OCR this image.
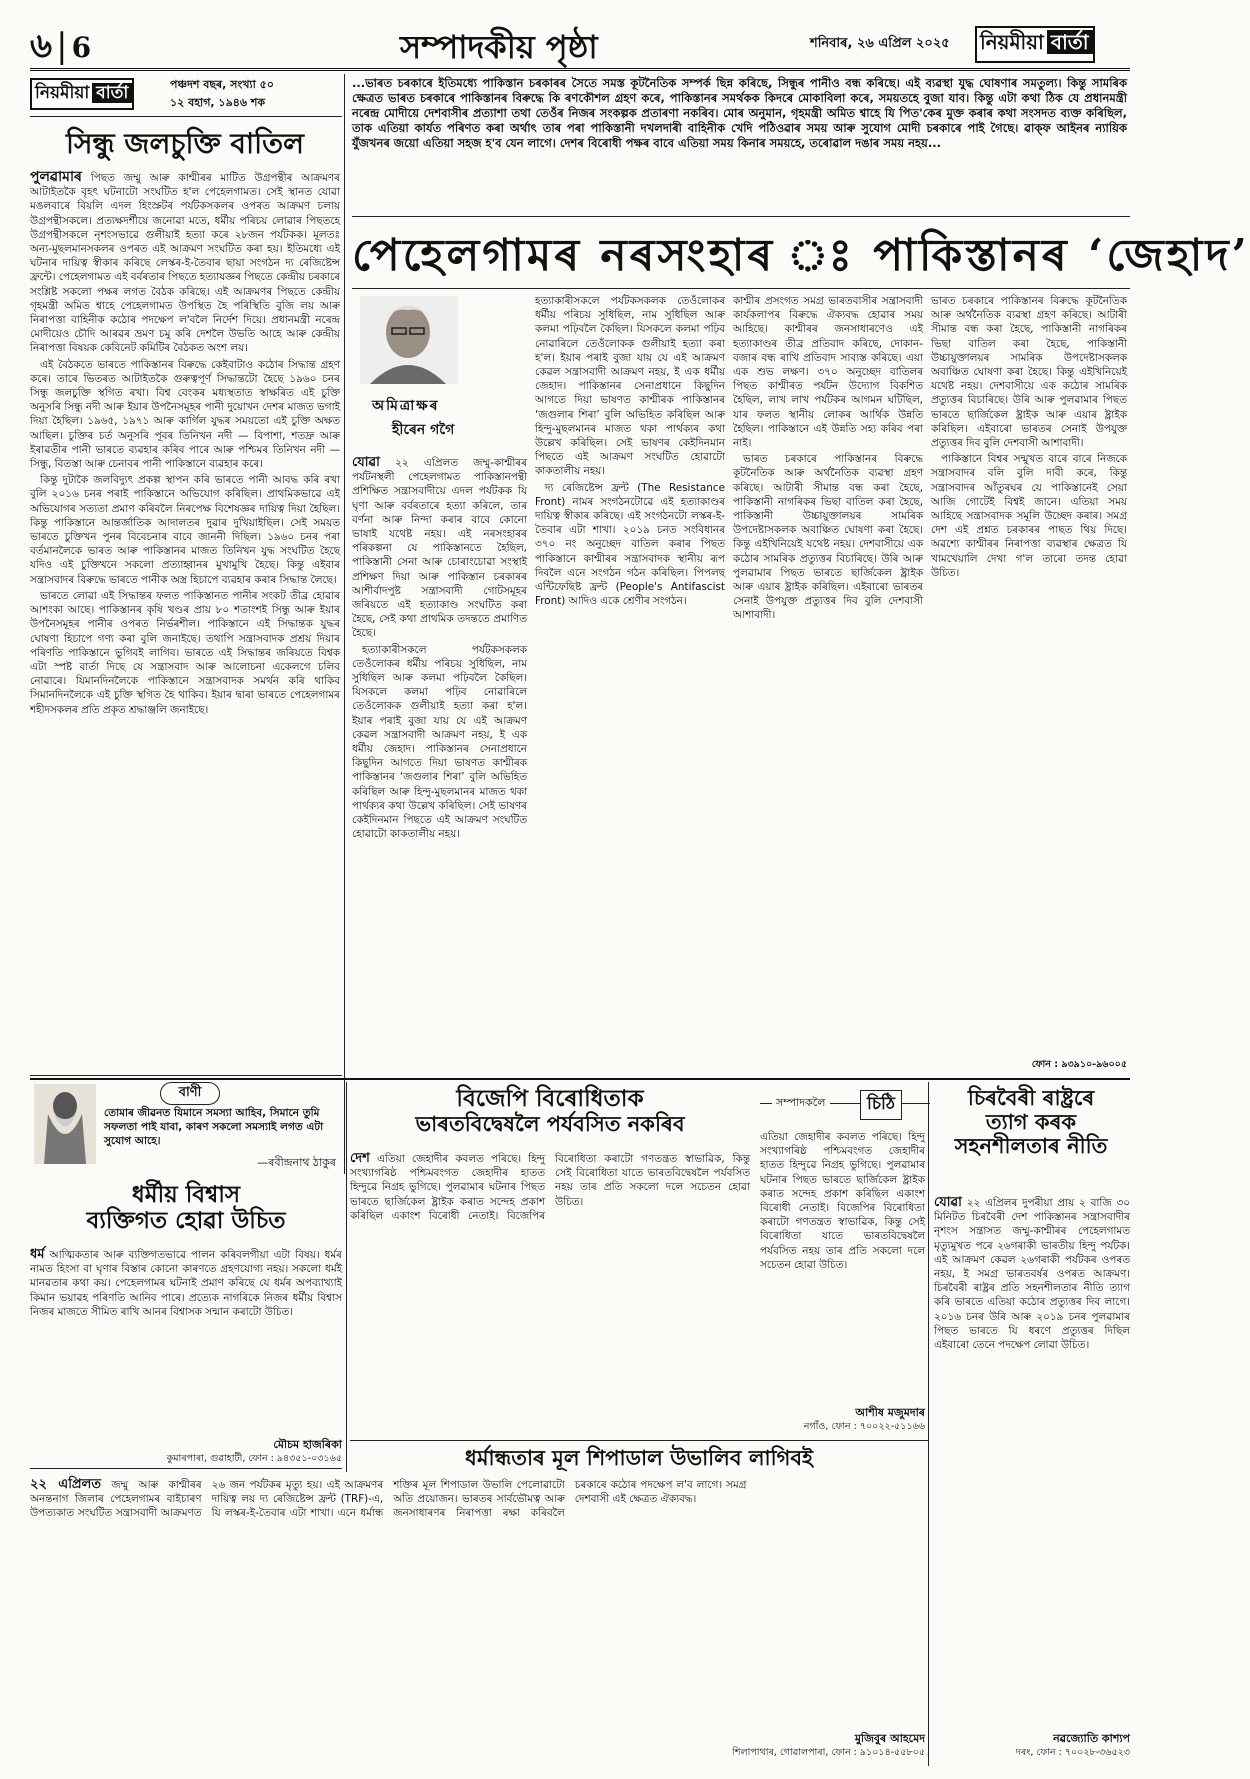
৬ | 6	সম্পাদকীয় পৃষ্ঠা	শনিবাৰ, ২৬ এপ্ৰিল ২০২৫ নিয়মীয়া বাৰ্তা
নিয়মীয়া বাৰ্তা	পঞ্চদশ বছৰ, সংখ্যা ৫০
১২ বহাগ, ১৯৪৬ শক
সিন্ধু জলচুক্তি বাতিল

পুলৱামাৰ পিছত জম্মু আৰু কাশ্মীৰৰ মাটিত উগ্ৰপন্থীৰ আক্ৰমণৰ আটাইতকৈ বৃহৎ ঘটনাটো সংঘটিত হ'ল পেহেলগামত। সেই স্থানত যোৱা মঙলবাৰে বিয়লি এদল হিংস্ৰুটৰ পৰ্যটকসকলৰ ওপৰত আক্ৰমণ চলায় উগ্ৰপন্থীসকলে। প্ৰত্যক্ষদৰ্শীয়ে জনোৱা মতে, ধৰ্মীয় পৰিচয় লোৱাৰ পিছতহে উগ্ৰপন্থীসকলে নৃশংসভাৱে গুলীয়াই হত্যা কৰে ২৮জন পৰ্যটকক। মূলতঃ অন্য-মুছলমানসকলৰ ওপৰত এই আক্ৰমণ সংঘটিত কৰা হয়। ইতিমধ্যে এই ঘটনাৰ দায়িত্ব স্বীকাৰ কৰিছে লেস্কৰ-ই-তৈবাৰ ছায়া সংগঠন দ্য ৰেজিষ্টেন্স ফ্ৰন্টে। পেহেলগামত এই বৰ্বৰতাৰ পিছতে হত্যাযজ্ঞৰ পিছতে কেন্দ্ৰীয় চৰকাৰে সংশ্লিষ্ট সকলো পক্ষৰ লগত বৈঠক কৰিছে। এই আক্ৰমণৰ পিছতে কেন্দ্ৰীয় গৃহমন্ত্ৰী অমিত শ্বাহে পেহেলগামত উপস্থিত হৈ পৰিস্থিতি বুজি লয় আৰু নিৰাপত্তা বাহিনীক কঠোৰ পদক্ষেপ ল'বলৈ নিৰ্দেশ দিয়ে। প্ৰধানমন্ত্ৰী নৰেন্দ্ৰ মোদীয়েও চৌদি আৰৱৰ ভ্ৰমণ চমু কৰি দেশলৈ উভতি আহে আৰু কেন্দ্ৰীয় নিৰাপত্তা বিষয়ক কেবিনেট কমিটিৰ বৈঠকত অংশ লয়।

এই বৈঠকতে ভাৰতে পাকিস্তানৰ বিৰুদ্ধে কেইবাটাও কঠোৰ সিদ্ধান্ত গ্ৰহণ কৰে। তাৰে ভিতৰত আটাইতকৈ গুৰুত্বপূৰ্ণ সিদ্ধান্তটো হৈছে ১৯৬০ চনৰ সিন্ধু জলচুক্তি স্থগিত ৰখা। বিশ্ব বেংকৰ মধ্যস্থতাত স্বাক্ষৰিত এই চুক্তি অনুসৰি সিন্ধু নদী আৰু ইয়াৰ উপনৈসমূহৰ পানী দুয়োখন দেশৰ মাজত ভগাই দিয়া হৈছিল। ১৯৬৫, ১৯৭১ আৰু কাৰ্গিল যুদ্ধৰ সময়তো এই চুক্তি অক্ষত আছিল। চুক্তিৰ চৰ্ত অনুসৰি পূবৰ তিনিখন নদী — বিপাশা, শতদ্ৰু আৰু ইৰাৱতীৰ পানী ভাৰতে ব্যৱহাৰ কৰিব পাৰে আৰু পশ্চিমৰ তিনিখন নদী — সিন্ধু, বিতস্তা আৰু চেনাবৰ পানী পাকিস্তানে ব্যৱহাৰ কৰে।

কিন্তু দুটাকৈ জলবিদ্যুৎ প্ৰকল্প স্থাপন কৰি ভাৰতে পানী আবদ্ধ কৰি ৰখা বুলি ২০১৬ চনৰ পৰাই পাকিস্তানে অভিযোগ কৰিছিল। প্ৰাথমিকভাৱে এই অভিযোগৰ সত্যতা প্ৰমাণ কৰিবলৈ নিৰপেক্ষ বিশেষজ্ঞৰ দায়িত্ব দিয়া হৈছিল। কিন্তু পাকিস্তানে আন্তৰ্জাতিক আদালতৰ দুৱাৰ দুখিয়াইছিল। সেই সময়ত ভাৰতে চুক্তিখন পুনৰ বিবেচনাৰ বাবে জাননী দিছিল। ১৯৬০ চনৰ পৰা বৰ্তমানলৈকে ভাৰত আৰু পাকিস্তানৰ মাজত তিনিখন যুদ্ধ সংঘটিত হৈছে যদিও এই চুক্তিখনে সকলো প্ৰত্যাহ্বানৰ মুখামুখি হৈছে। কিন্তু এইবাৰ সন্ত্ৰাসবাদৰ বিৰুদ্ধে ভাৰতে পানীক অস্ত্ৰ হিচাপে ব্যৱহাৰ কৰাৰ সিদ্ধান্ত লৈছে।

ভাৰতে লোৱা এই সিদ্ধান্তৰ ফলত পাকিস্তানত পানীৰ সংকট তীব্ৰ হোৱাৰ আশংকা আছে। পাকিস্তানৰ কৃষি খণ্ডৰ প্ৰায় ৮০ শতাংশই সিন্ধু আৰু ইয়াৰ উপনৈসমূহৰ পানীৰ ওপৰত নিৰ্ভৰশীল। পাকিস্তানে এই সিদ্ধান্তক যুদ্ধৰ ঘোষণা হিচাপে গণ্য কৰা বুলি জনাইছে। তথাপি সন্ত্ৰাসবাদক প্ৰশ্ৰয় দিয়াৰ পৰিণতি পাকিস্তানে ভুগিবই লাগিব। ভাৰতে এই সিদ্ধান্তৰ জৰিয়তে বিশ্বক এটা স্পষ্ট বাৰ্তা দিছে যে সন্ত্ৰাসবাদ আৰু আলোচনা একেলগে চলিব নোৱাৰে। যিমানদিনলৈকে পাকিস্তানে সন্ত্ৰাসবাদক সমৰ্থন কৰি থাকিব সিমানদিনলৈকে এই চুক্তি স্থগিত হৈ থাকিব। ইয়াৰ দ্বাৰা ভাৰতে পেহেলগামৰ শহীদসকলৰ প্ৰতি প্ৰকৃত শ্ৰদ্ধাঞ্জলি জনাইছে।

বাণী
তোমাৰ জীৱনত যিমানে সমস্যা আহিব, সিমানে তুমি সফলতা পাই যাবা, কাৰণ সকলো সমস্যাই লগত এটা সুযোগ আহে।
—ৰবীন্দ্ৰনাথ ঠাকুৰ
...ভাৰত চৰকাৰে ইতিমধ্যে পাকিস্তান চৰকাৰৰ সৈতে সমস্ত কূটনৈতিক সম্পৰ্ক ছিন্ন কৰিছে, সিন্ধুৰ পানীও বন্ধ কৰিছে। এই ব্যৱস্থা যুদ্ধ ঘোষণাৰ সমতুল্য। কিন্তু সামৰিক ক্ষেত্ৰত ভাৰত চৰকাৰে পাকিস্তানৰ বিৰুদ্ধে কি ৰণকৌশল গ্ৰহণ কৰে, পাকিস্তানৰ সমৰ্থকক কিদৰে মোকাবিলা কৰে, সময়তহে বুজা যাব। কিন্তু এটা কথা ঠিক যে প্ৰধানমন্ত্ৰী নৰেন্দ্ৰ মোদীয়ে দেশবাসীৰ প্ৰত্যাশা তথা তেওঁৰ নিজৰ সংকল্পক প্ৰতাৰণা নকৰিব। মোৰ অনুমান, গৃহমন্ত্ৰী অমিত শ্বাহে যি পিত'কেৰ মুক্ত কৰাৰ কথা সংসদত ব্যক্ত কৰিছিল, তাক এতিয়া কাৰ্যত পৰিণত কৰা অৰ্থাৎ তাৰ পৰা পাকিস্তানী দখলদাৰী বাহিনীক খেদি পঠিওৱাৰ সময় আৰু সুযোগ মোদী চৰকাৰে পাই গৈছে। ৱাক্ফ আইনৰ ন্যায়িক যুঁজখনৰ জয়ো এতিয়া সহজ হ'ব যেন লাগে। দেশৰ বিৰোধী পক্ষৰ বাবে এতিয়া সময় কিনাৰ সময়হে, তৰোৱাল দঙাৰ সময় নহয়...
পেহেলগামৰ নৰসংহাৰ ঃ পাকিস্তানৰ ‘জেহাদ’
অমিত্ৰাক্ষৰ
হীৰেন গগৈ

যোৱা ২২ এপ্ৰিলত জম্মু-কাশ্মীৰৰ পৰ্যটনস্থলী পেহেলগামত পাকিস্তানপন্থী প্ৰশিক্ষিত সন্ত্ৰাসবাদীয়ে এদল পৰ্যটকক যি ঘৃণা আৰু বৰ্বৰতাৰে হত্যা কৰিলে, তাৰ বৰ্ণনা আৰু নিন্দা কৰাৰ বাবে কোনো ভাষাই যথেষ্ট নহয়। এই নৰসংহাৰৰ পৰিকল্পনা যে পাকিস্তানতে হৈছিল, পাকিস্তানী সেনা আৰু চোৰাংচোৱা সংস্থাই প্ৰশিক্ষণ দিয়া আৰু পাকিস্তান চৰকাৰৰ আশীৰ্বাদপুষ্ট সন্ত্ৰাসবাদী গোটসমূহৰ জৰিয়তে এই হত্যাকাণ্ড সংঘটিত কৰা হৈছে, সেই কথা প্ৰাথমিক তদন্ততে প্ৰমাণিত হৈছে।

হত্যাকাৰীসকলে পৰ্যটকসকলক তেওঁলোকৰ ধৰ্মীয় পৰিচয় সুধিছিল, নাম সুধিছিল আৰু কলমা পঢ়িবলৈ কৈছিল। যিসকলে কলমা পঢ়িব নোৱাৰিলে তেওঁলোকক গুলীয়াই হত্যা কৰা হ'ল। ইয়াৰ পৰাই বুজা যায় যে এই আক্ৰমণ কেৱল সন্ত্ৰাসবাদী আক্ৰমণ নহয়, ই এক ধৰ্মীয় জেহাদ। পাকিস্তানৰ সেনাপ্ৰধানে কিছুদিন আগতে দিয়া ভাষণত কাশ্মীৰক পাকিস্তানৰ ‘জগুলাৰ শিৰা’ বুলি অভিহিত কৰিছিল আৰু হিন্দু-মুছলমানৰ মাজত থকা পাৰ্থক্যৰ কথা উল্লেখ কৰিছিল। সেই ভাষণৰ কেইদিনমান পিছতে এই আক্ৰমণ সংঘটিত হোৱাটো কাকতালীয় নহয়।

হত্যাকাৰীসকলে পৰ্যটকসকলক তেওঁলোকৰ ধৰ্মীয় পৰিচয় সুধিছিল, নাম সুধিছিল আৰু কলমা পঢ়িবলৈ কৈছিল। যিসকলে কলমা পঢ়িব নোৱাৰিলে তেওঁলোকক গুলীয়াই হত্যা কৰা হ'ল। ইয়াৰ পৰাই বুজা যায় যে এই আক্ৰমণ কেৱল সন্ত্ৰাসবাদী আক্ৰমণ নহয়, ই এক ধৰ্মীয় জেহাদ। পাকিস্তানৰ সেনাপ্ৰধানে কিছুদিন আগতে দিয়া ভাষণত কাশ্মীৰক পাকিস্তানৰ ‘জগুলাৰ শিৰা’ বুলি অভিহিত কৰিছিল আৰু হিন্দু-মুছলমানৰ মাজত থকা পাৰ্থক্যৰ কথা উল্লেখ কৰিছিল। সেই ভাষণৰ কেইদিনমান পিছতে এই আক্ৰমণ সংঘটিত হোৱাটো কাকতালীয় নহয়।

দ্য ৰেজিষ্টেন্স ফ্ৰন্ট (The Resistance Front) নামৰ সংগঠনটোৱে এই হত্যাকাণ্ডৰ দায়িত্ব স্বীকাৰ কৰিছে। এই সংগঠনটো লস্কৰ-ই-তৈবাৰ এটা শাখা। ২০১৯ চনত সংবিধানৰ ৩৭০ নং অনুচ্ছেদ বাতিল কৰাৰ পিছত পাকিস্তানে কাশ্মীৰৰ সন্ত্ৰাসবাদক স্থানীয় ৰূপ দিবলৈ এনে সংগঠন গঠন কৰিছিল। পিপলছ এন্টিফেছিষ্ট ফ্ৰন্ট (People's Antifascist Front) আদিও একে শ্ৰেণীৰ সংগঠন।

কাশ্মীৰ প্ৰসংগত সমগ্ৰ ভাৰতবাসীৰ সন্ত্ৰাসবাদী কাৰ্যকলাপৰ বিৰুদ্ধে ঐক্যবদ্ধ হোৱাৰ সময় আহিছে। কাশ্মীৰৰ জনসাধাৰণেও এই হত্যাকাণ্ডৰ তীব্ৰ প্ৰতিবাদ কৰিছে, দোকান-বজাৰ বন্ধ ৰাখি প্ৰতিবাদ সাব্যস্ত কৰিছে। এয়া এক শুভ লক্ষণ। ৩৭০ অনুচ্ছেদ বাতিলৰ পিছত কাশ্মীৰত পৰ্যটন উদ্যোগ বিকশিত হৈছিল, লাখ লাখ পৰ্যটকৰ আগমন ঘটিছিল, যাৰ ফলত স্থানীয় লোকৰ আৰ্থিক উন্নতি হৈছিল। পাকিস্তানে এই উন্নতি সহ্য কৰিব পৰা নাই।

ভাৰত চৰকাৰে পাকিস্তানৰ বিৰুদ্ধে কূটনৈতিক আৰু অৰ্থনৈতিক ব্যৱস্থা গ্ৰহণ কৰিছে। আটাৰী সীমান্ত বন্ধ কৰা হৈছে, পাকিস্তানী নাগৰিকৰ ভিছা বাতিল কৰা হৈছে, পাকিস্তানী উচ্চায়ুক্তালয়ৰ সামৰিক উপদেষ্টাসকলক অবাঞ্চিত ঘোষণা কৰা হৈছে। কিন্তু এইখিনিয়েই যথেষ্ট নহয়। দেশবাসীয়ে এক কঠোৰ সামৰিক প্ৰত্যুত্তৰ বিচাৰিছে। উৰি আৰু পুলৱামাৰ পিছত ভাৰতে ছাৰ্জিকেল ষ্ট্ৰাইক আৰু এয়াৰ ষ্ট্ৰাইক কৰিছিল। এইবাৰো ভাৰতৰ সেনাই উপযুক্ত প্ৰত্যুত্তৰ দিব বুলি দেশবাসী আশাবাদী।

ভাৰত চৰকাৰে পাকিস্তানৰ বিৰুদ্ধে কূটনৈতিক আৰু অৰ্থনৈতিক ব্যৱস্থা গ্ৰহণ কৰিছে। আটাৰী সীমান্ত বন্ধ কৰা হৈছে, পাকিস্তানী নাগৰিকৰ ভিছা বাতিল কৰা হৈছে, পাকিস্তানী উচ্চায়ুক্তালয়ৰ সামৰিক উপদেষ্টাসকলক অবাঞ্চিত ঘোষণা কৰা হৈছে। কিন্তু এইখিনিয়েই যথেষ্ট নহয়। দেশবাসীয়ে এক কঠোৰ সামৰিক প্ৰত্যুত্তৰ বিচাৰিছে। উৰি আৰু পুলৱামাৰ পিছত ভাৰতে ছাৰ্জিকেল ষ্ট্ৰাইক আৰু এয়াৰ ষ্ট্ৰাইক কৰিছিল। এইবাৰো ভাৰতৰ সেনাই উপযুক্ত প্ৰত্যুত্তৰ দিব বুলি দেশবাসী আশাবাদী।

পাকিস্তানে বিশ্বৰ সন্মুখত বাৰে বাৰে নিজকে সন্ত্ৰাসবাদৰ বলি বুলি দাবী কৰে, কিন্তু সন্ত্ৰাসবাদৰ আঁতুৰঘৰ যে পাকিস্তানেই সেয়া আজি গোটেই বিশ্বই জানে। এতিয়া সময় আহিছে সন্ত্ৰাসবাদক সমূলি উচ্ছেদ কৰাৰ। সমগ্ৰ দেশ এই প্ৰশ্নত চৰকাৰৰ পাছত থিয় দিছে। অৱশ্যে কাশ্মীৰৰ নিৰাপত্তা ব্যৱস্থাৰ ক্ষেত্ৰত যি খামখেয়ালি দেখা গ'ল তাৰো তদন্ত হোৱা উচিত।

ফোন : ৯৩৯১০-৯৬০০৫
বিজেপি বিৰোধিতাক
ভাৰতবিদ্বেষলৈ পৰ্যবসিত নকৰিব
সম্পাদকলৈ	চিঠি	চিৰবৈৰী ৰাষ্ট্ৰৰে
ত্যাগ কৰক
সহনশীলতাৰ নীতি
ধৰ্মীয় বিশ্বাস
ব্যক্তিগত হোৱা উচিত

ধৰ্ম আত্মিকতাৰ আৰু ব্যক্তিগতভাৱে পালন কৰিবলগীয়া এটা বিষয়। ধৰ্মৰ নামত হিংসা বা ঘৃণাৰ বিস্তাৰ কোনো কাৰণতে গ্ৰহণযোগ্য নহয়। সকলো ধৰ্মই মানৱতাৰ কথা কয়। পেহেলগামৰ ঘটনাই প্ৰমাণ কৰিছে যে ধৰ্মৰ অপব্যাখ্যাই কিমান ভয়াৱহ পৰিণতি আনিব পাৰে। প্ৰত্যেক নাগৰিকে নিজৰ ধৰ্মীয় বিশ্বাস নিজৰ মাজতে সীমিত ৰাখি আনৰ বিশ্বাসক সন্মান কৰাটো উচিত।

মৌচম হাজৰিকা
কুমাৰপাৰা, গুৱাহাটী, ফোন : ৯৪৩৫১-০৩১৬৫

দেশ এতিয়া জেহাদীৰ কবলত পৰিছে। হিন্দু সংখ্যাগৰিষ্ঠ পশ্চিমবংগত জেহাদীৰ হাতত হিন্দুৱে নিগ্ৰহ ভুগিছে। পুলৱামাৰ ঘটনাৰ পিছত ভাৰতে ছাৰ্জিকেল ষ্ট্ৰাইক কৰাত সন্দেহ প্ৰকাশ কৰিছিল একাংশ বিৰোধী নেতাই। বিজেপিৰ বিৰোধিতা কৰাটো গণতন্ত্ৰত স্বাভাৱিক, কিন্তু সেই বিৰোধিতা যাতে ভাৰতবিদ্বেষলৈ পৰ্যবসিত নহয় তাৰ প্ৰতি সকলো দলে সচেতন হোৱা উচিত।

আশীষ মজুমদাৰ
নগাঁও, ফোন : ৭০০২২-৫১১৬৬

এতিয়া জেহাদীৰ কবলত পৰিছে। হিন্দু সংখ্যাগৰিষ্ঠ পশ্চিমবংগত জেহাদীৰ হাতত হিন্দুৱে নিগ্ৰহ ভুগিছে। পুলৱামাৰ ঘটনাৰ পিছত ভাৰতে ছাৰ্জিকেল ষ্ট্ৰাইক কৰাত সন্দেহ প্ৰকাশ কৰিছিল একাংশ বিৰোধী নেতাই। বিজেপিৰ বিৰোধিতা কৰাটো গণতন্ত্ৰত স্বাভাৱিক, কিন্তু সেই বিৰোধিতা যাতে ভাৰতবিদ্বেষলৈ পৰ্যবসিত নহয় তাৰ প্ৰতি সকলো দলে সচেতন হোৱা উচিত।

ধৰ্মান্ধতাৰ মূল শিপাডাল উভালিব লাগিবই

২২ এপ্ৰিলত জম্মু আৰু কাশ্মীৰৰ অনন্তনাগ জিলাৰ পেহেলগামৰ বাইচাৰণ উপত্যকাত সংঘটিত সন্ত্ৰাসবাদী আক্ৰমণত ২৬ জন পৰ্যটকৰ মৃত্যু হয়। এই আক্ৰমণৰ দায়িত্ব লয় দ্য ৰেজিষ্টেন্স ফ্ৰন্ট (TRF)-এ, যি লস্কৰ-ই-তৈবাৰ এটা শাখা। এনে ধৰ্মান্ধ শক্তিৰ মূল শিপাডাল উভালি পেলোৱাটো অতি প্ৰয়োজন। ভাৰতৰ সাৰ্বভৌমত্ব আৰু জনসাধাৰণৰ নিৰাপত্তা ৰক্ষা কৰিবলৈ চৰকাৰে কঠোৰ পদক্ষেপ ল'ব লাগে। সমগ্ৰ দেশবাসী এই ক্ষেত্ৰত ঐক্যবদ্ধ।

মুজিবুৰ আহমেদ
শিলাপাথাৰ, গোৱালপাৰা, ফোন : ৯১০১৪-৫৫৮০৫

যোৱা ২২ এপ্ৰিলৰ দুপৰীয়া প্ৰায় ২ বাজি ৩০ মিনিটত চিৰবৈৰী দেশ পাকিস্তানৰ সন্ত্ৰাসবাদীৰ নৃশংস সন্ত্ৰাসত জম্মু-কাশ্মীৰৰ পেহেলগামত মৃত্যুমুখত পৰে ২৬গৰাকী ভাৰতীয় হিন্দু পৰ্যটক। এই আক্ৰমণ কেৱল ২৬গৰাকী পৰ্যটকৰ ওপৰত নহয়, ই সমগ্ৰ ভাৰতবৰ্ষৰ ওপৰত আক্ৰমণ। চিৰবৈৰী ৰাষ্ট্ৰৰ প্ৰতি সহনশীলতাৰ নীতি ত্যাগ কৰি ভাৰতে এতিয়া কঠোৰ প্ৰত্যুত্তৰ দিব লাগে। ২০১৬ চনৰ উৰি আৰু ২০১৯ চনৰ পুলৱামাৰ পিছত ভাৰতে যি ধৰণে প্ৰত্যুত্তৰ দিছিল এইবাৰো তেনে পদক্ষেপ লোৱা উচিত।

নৱজ্যোতি কাশ্যপ
দৰং, ফোন : ৭০০২৮-৩৬৫২৩
